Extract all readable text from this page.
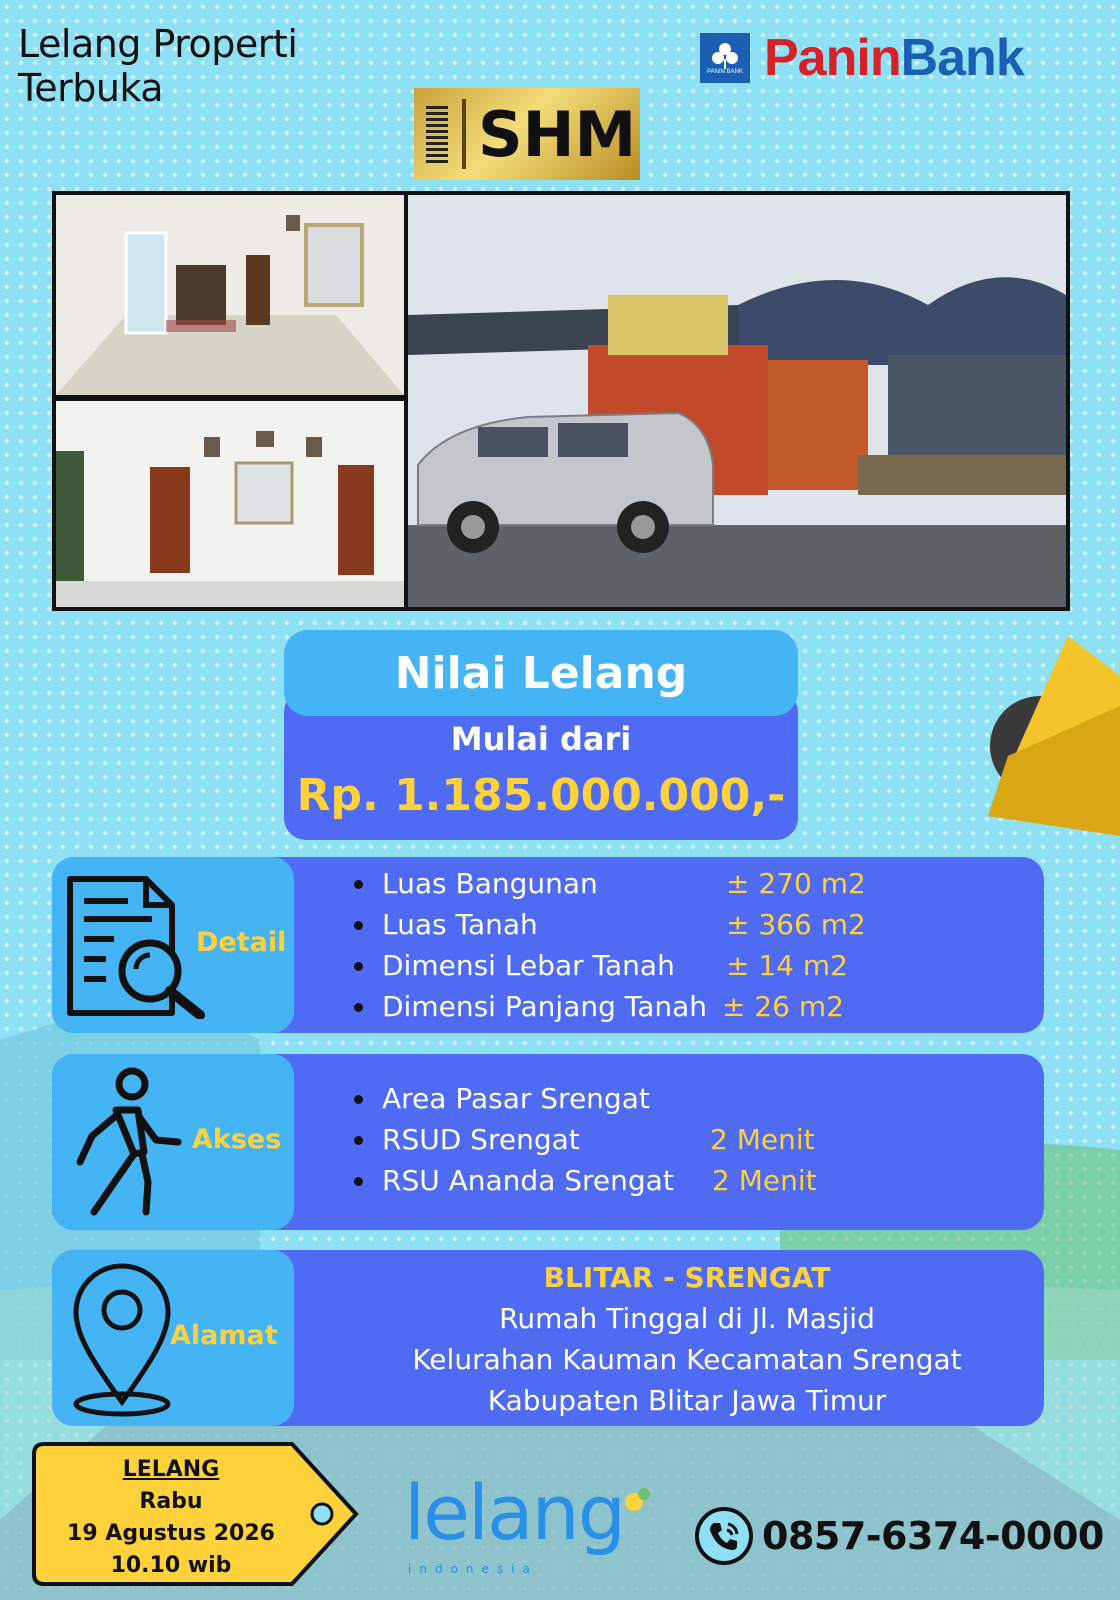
Lelang Properti
Terbuka	PANIN BANK PaninBank
SHM
Nilai Lelang
Mulai dari
Rp. 1.185.000.000,-
Detail
Luas Bangunan	± 270 m2
Luas Tanah	± 366 m2
Dimensi Lebar Tanah ± 14 m2
Dimensi Panjang Tanah ± 26 m2
Akses
Area Pasar Srengat
RSUD Srengat	2 Menit
RSU Ananda Srengat 2 Menit
Alamat
BLITAR - SRENGAT
Rumah Tinggal di Jl. Masjid
Kelurahan Kauman Kecamatan Srengat
Kabupaten Blitar Jawa Timur
LELANG
Rabu
19 Agustus 2026
10.10 wib
lelang
indonesia
0857-6374-0000
